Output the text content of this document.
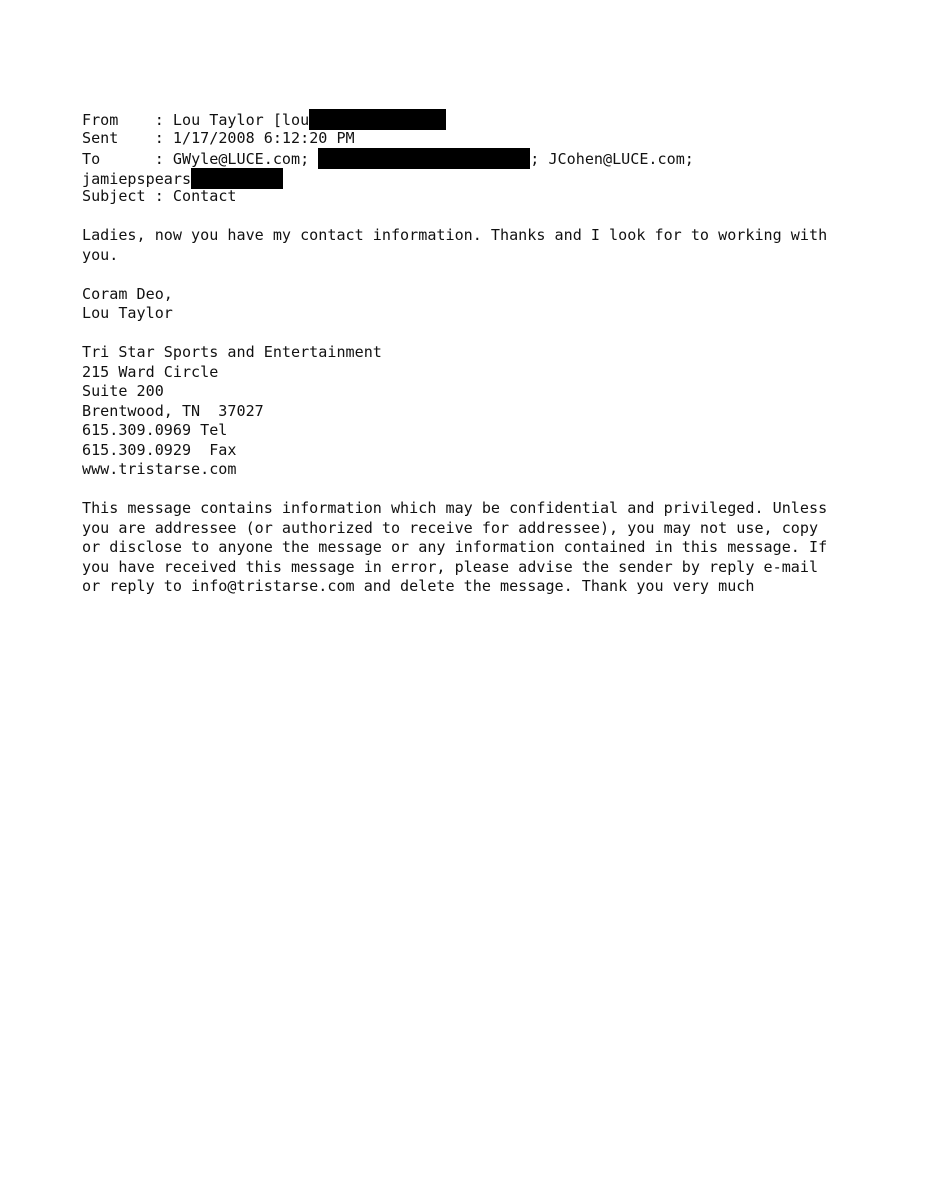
From    : Lou Taylor [lou
Sent    : 1/17/2008 6:12:20 PM
To      : GWyle@LUCE.com;	; JCohen@LUCE.com;
jamiepspears
Subject : Contact
Ladies, now you have my contact information. Thanks and I look for to working with
you.
Coram Deo,
Lou Taylor
Tri Star Sports and Entertainment
215 Ward Circle
Suite 200
Brentwood, TN  37027
615.309.0969 Tel
615.309.0929  Fax
www.tristarse.com
This message contains information which may be confidential and privileged. Unless
you are addressee (or authorized to receive for addressee), you may not use, copy
or disclose to anyone the message or any information contained in this message. If
you have received this message in error, please advise the sender by reply e-mail
or reply to info@tristarse.com and delete the message. Thank you very much
